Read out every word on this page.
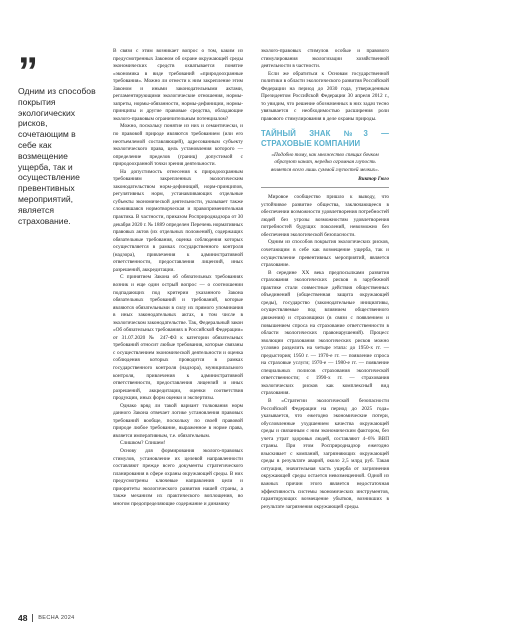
”
Одним из способов покрытия экологических рисков, сочетающим в себе как возмещение ущерба, так и осуществление превентивных мероприятий, является страхование.

В связи с этим возникает вопрос о том, каким из предусмотренных Законом об охране окружающей среды экономических средств охватывается понятие «экономика в виде требований «природоохранные требования». Можно ли отнести к ним закрепление этим Законом и иными законодательными актами, регламентирующими экологические отношения, нормы-запреты, нормы-обязанности, нормы-дефиниции, нормы-принципы и другие правовые средства, обладающие эколого-правовым ограничительным потенциалом?

Можно, поскольку понятие из них и семантически, и по правовой природе являются требованием (или его неотъемлемой составляющей), адресованным субъекту экологического права, цель установления которого — определение пределов (границ) допустимой с природоохранной точки зрения деятельности.

На допустимость отнесения к природоохранным требованиям закрепленных экологическим законодательством норм-дефиниций, норм-принципов, регулятивных норм, устанавливающих отдельные субъекты экономической деятельности, указывает также сложившаяся нормотворческая и правоприменительная практика. В частности, приказом Росприроднадзора от 30 декабря 2020 г. № 1889 определен Перечень нормативных правовых актов (их отдельных положений), содержащих обязательные требования, оценка соблюдения которых осуществляется в рамках государственного контроля (надзора), привлечения к административной ответственности, предоставления лицензий, иных разрешений, аккредитации.

С принятием Закона об обязательных требованиях возник и еще один острый вопрос — о соотношении подпадающих под критерии указанного Закона обязательных требований и требований, которые являются обязательными в силу их прямого упоминания в иных законодательных актах, в том числе в экологическом законодательстве. Так, Федеральный закон «Об обязательных требованиях в Российской Федерации» от 31.07.2020 № 247-ФЗ к категории обязательных требований относит любые требования, которые связаны с осуществлением экономической деятельности и оценка соблюдения которых проводится в рамках государственного контроля (надзора), муниципального контроля, привлечения к административной ответственности, предоставления лицензий и иных разрешений, аккредитации, оценки соответствия продукции, иных форм оценки и экспертизы.

Однако вряд ли такой вариант толкования норм данного Закона отвечает логике установления правовых требований вообще, поскольку по своей правовой природе любое требование, выраженное в норме права, является императивным, т.е. обязательным.

Слишком? Спишем!

Основу для формирования эколого-правовых стимулов, установление их целевой направленности составляют прежде всего документы стратегического планирования в сфере охраны окружающей среды. В них предусмотрены ключевые направления цели и приоритеты экологического развития нашей страны, а также механизм их практического воплощения, во многом предопределяющие содержание и динамику

эколого-правовых стимулов особые и правового стимулирования экологизации хозяйственной деятельности в частности.

Если же обратиться к Основам государственной политики в области экологического развития Российской Федерации на период до 2030 года, утвержденным Президентом Российской Федерации 30 апреля 2012 г., то увидим, что решение обозначенных в них задач тесно увязывается с необходимостью расширения роли правового стимулирования в деле охраны природы.

ТАЙНЫЙ ЗНАК №3 — СТРАХОВЫЕ КОМПАНИИ
«Подобно тому, как множество спящих бочком образуют канат, нередко огромная глупость является всего лишь суммой глупостей мелких».
Виктор Гюго

Мировое сообщество пришло к выводу, что устойчивое развитие общества, заключающееся в обеспечении возможности удовлетворения потребностей людей без угрозы возможностям удовлетворения потребностей будущих поколений, невозможно без обеспечения экологической безопасности.

Одним из способов покрытия экологических рисков, сочетающим в себе как возмещение ущерба, так и осуществление превентивных мероприятий, является страхование.

В середине XX века предпосылками развития страхования экологических рисков в зарубежной практике стали совместные действия общественных объединений (общественная защита окружающей среды), государство (законодательные инициативы, осуществляемые под влиянием общественного движения) и страховщики (в связи с появлением и повышением спроса на страхование ответственности в области экологических правонарушений). Процесс эволюции страхования экологических рисков можно условно разделить на четыре этапа: до 1950-х гг. — предыстория; 1950 г. — 1970-е гг. — появление спроса на страховые услуги; 1970-е — 1980-е гг. — появление специальных полисов страхования экологической ответственности; с 1990-х гг. — страхования экологических рисков как комплексный вид страхования.

В «Стратегии экологической безопасности Российской Федерации на период до 2025 года» указывается, что ежегодно экономические потери, обусловленные ухудшением качества окружающей среды и связанным с ним экономическим фактором, без учета утрат здоровья людей, составляют 4–6% ВВП страны. При этом Росприроднадзор ежегодно взыскивает с компаний, загрязняющих окружающей среды в результате аварий, около 2,5 млрд руб. Такая ситуация, значительная часть ущерба от загрязнения окружающей среды остается невозмещенной. Одной из важных причин этого является недостаточная эффективность системы экономических инструментов, гарантирующих возмещение убытков, возникших в результате загрязнения окружающей среды.

48 ВЕСНА 2024
